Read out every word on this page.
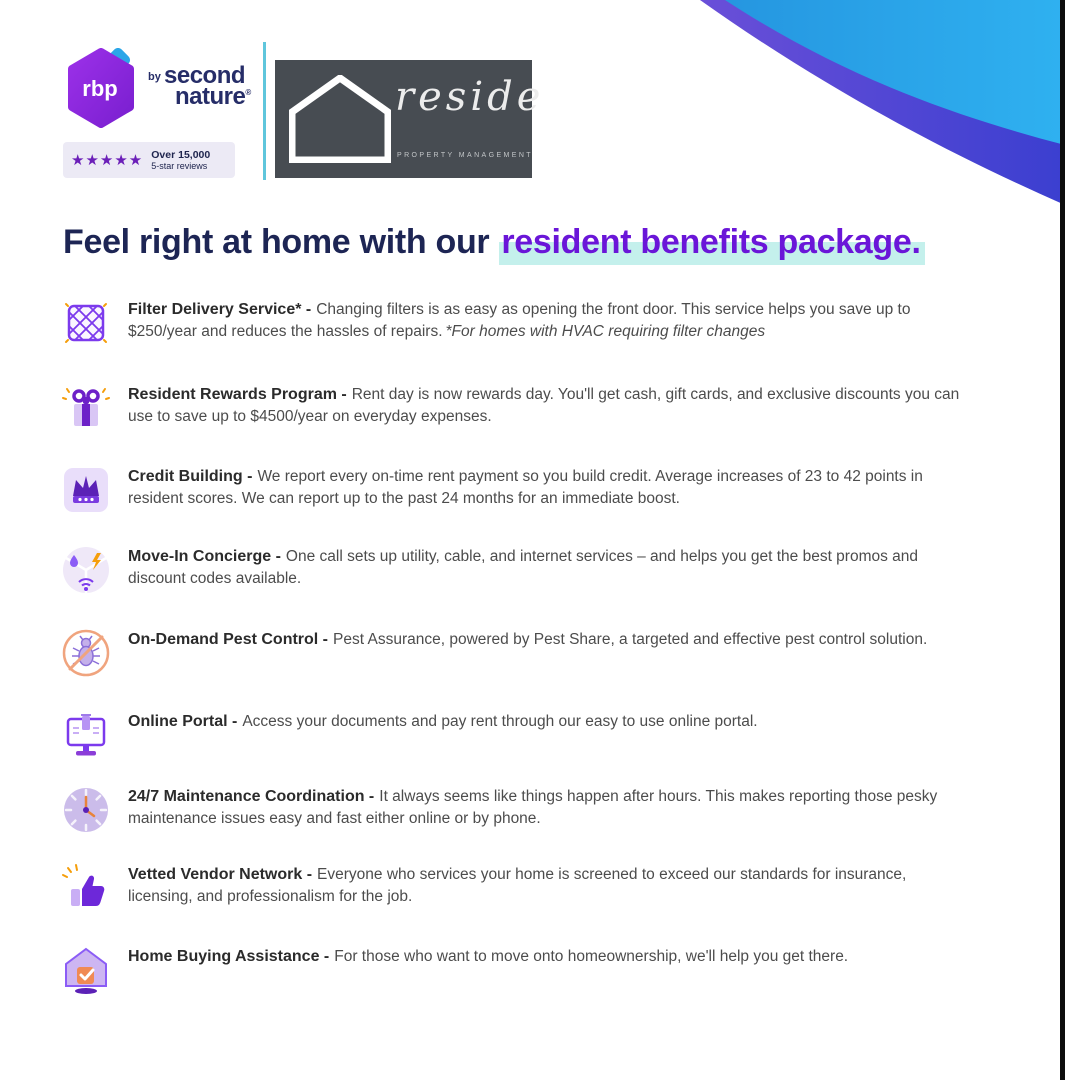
rbp	by second
nature®
★★★★★ Over 15,000
5-star reviews
reside
PROPERTY MANAGEMENT
Feel right at home with our resident benefits package.

Filter Delivery Service* - Changing filters is as easy as opening the front door. This service helps you save up to $250/year and reduces the hassles of repairs. *For homes with HVAC requiring filter changes

Resident Rewards Program - Rent day is now rewards day. You'll get cash, gift cards, and exclusive discounts you can use to save up to $4500/year on everyday expenses.

Credit Building - We report every on-time rent payment so you build credit. Average increases of 23 to 42 points in resident scores. We can report up to the past 24 months for an immediate boost.

Move-In Concierge - One call sets up utility, cable, and internet services – and helps you get the best promos and discount codes available.

On-Demand Pest Control - Pest Assurance, powered by Pest Share, a targeted and effective pest control solution.

Online Portal - Access your documents and pay rent through our easy to use online portal.

24/7 Maintenance Coordination - It always seems like things happen after hours. This makes reporting those pesky maintenance issues easy and fast either online or by phone.

Vetted Vendor Network - Everyone who services your home is screened to exceed our standards for insurance, licensing, and professionalism for the job.

Home Buying Assistance - For those who want to move onto homeownership, we'll help you get there.
